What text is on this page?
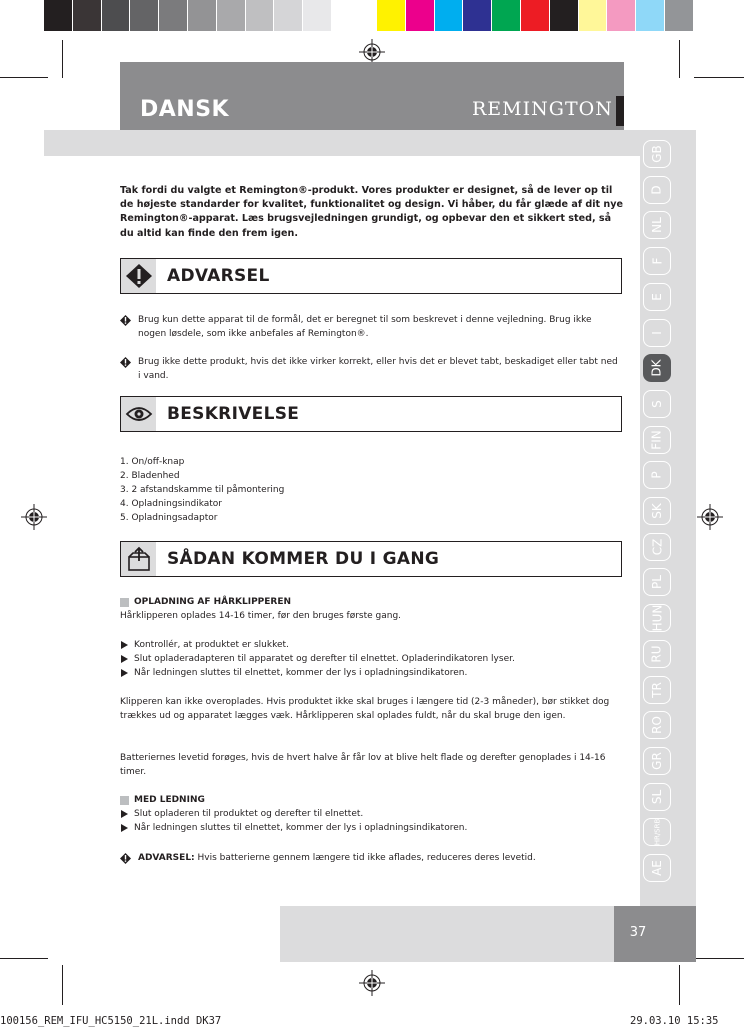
DANSK	REMINGTON
GB
D
NL
F
E
I
DK
S
FIN
P
SK
CZ
PL
HUN
RU
TR
RO
GR
SL
HR/SRB
AE

Tak fordi du valgte et Remington®-produkt. Vores produkter er designet, så de lever op til de højeste standarder for kvalitet, funktionalitet og design. Vi håber, du får glæde af dit nye Remington®-apparat. Læs brugsvejledningen grundigt, og opbevar den et sikkert sted, så du altid kan finde den frem igen.

ADVARSEL
Brug kun dette apparat til de formål, det er beregnet til som beskrevet i denne vejledning. Brug ikke nogen løsdele, som ikke anbefales af Remington®.
Brug ikke dette produkt, hvis det ikke virker korrekt, eller hvis det er blevet tabt, beskadiget eller tabt ned i vand.
BESKRIVELSE
1. On/off-knap
2. Bladenhed
3. 2 afstandskamme til påmontering
4. Opladningsindikator
5. Opladningsadaptor
SÅDAN KOMMER DU I GANG
OPLADNING AF HÅRKLIPPEREN
Hårklipperen oplades 14-16 timer, før den bruges første gang.
Kontrollér, at produktet er slukket.
Slut opladeradapteren til apparatet og derefter til elnettet. Opladerindikatoren lyser.
Når ledningen sluttes til elnettet, kommer der lys i opladningsindikatoren.
Klipperen kan ikke overoplades. Hvis produktet ikke skal bruges i længere tid (2-3 måneder), bør stikket dog trækkes ud og apparatet lægges væk. Hårklipperen skal oplades fuldt, når du skal bruge den igen.
Batteriernes levetid forøges, hvis de hvert halve år får lov at blive helt flade og derefter genoplades i 14-16 timer.
MED LEDNING
Slut opladeren til produktet og derefter til elnettet.
Når ledningen sluttes til elnettet, kommer der lys i opladningsindikatoren.
ADVARSEL: Hvis batterierne gennem længere tid ikke aflades, reduceres deres levetid.
37
100156_REM_IFU_HC5150_21L.indd DK37	29.03.10 15:35
